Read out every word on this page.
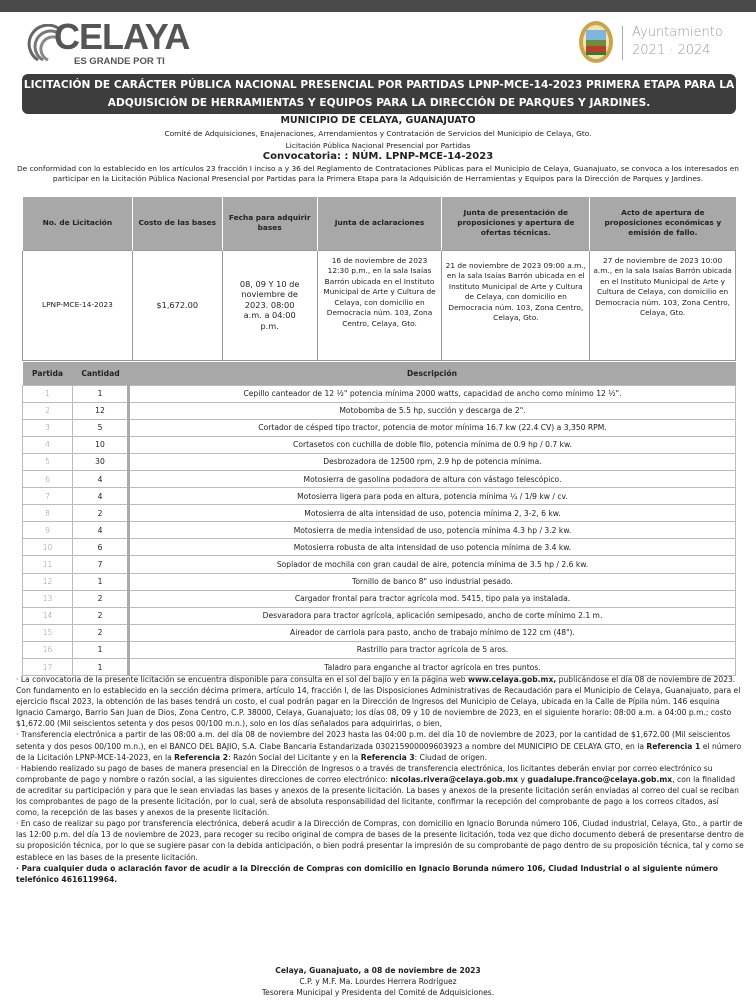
CELAYA
ES GRANDE POR TI
Ayuntamiento
2021 · 2024
LICITACIÓN DE CARÁCTER PÚBLICA NACIONAL PRESENCIAL POR PARTIDAS LPNP-MCE-14-2023 PRIMERA ETAPA PARA LA
ADQUISICIÓN DE HERRAMIENTAS Y EQUIPOS PARA LA DIRECCIÓN DE PARQUES Y JARDINES.
MUNICIPIO DE CELAYA, GUANAJUATO
Comité de Adquisiciones, Enajenaciones, Arrendamientos y Contratación de Servicios del Municipio de Celaya, Gto.
Licitación Pública Nacional Presencial por Partidas
Convocatoria: : NÚM. LPNP-MCE-14-2023
De conformidad con lo establecido en los artículos 23 fracción I inciso a y 36 del Reglamento de Contrataciones Públicas para el Municipio de Celaya, Guanajuato, se convoca a los interesados en participar en la Licitación Pública Nacional Presencial por Partidas para la Primera Etapa para la Adquisición de Herramientas y Equipos para la Dirección de Parques y Jardines.
No. de Licitación	Costo de las bases	Fecha para adquirir bases	Junta de aclaraciones	Junta de presentación de proposiciones y apertura de ofertas técnicas.	Acto de apertura de proposiciones económicas y emisión de fallo.
LPNP-MCE-14-2023	$1,672.00	08, 09 Y 10 de noviembre de 2023. 08:00 a.m. a 04:00 p.m.	16 de noviembre de 2023 12:30 p.m., en la sala Isaías Barrón ubicada en el Instituto Municipal de Arte y Cultura de Celaya, con domicilio en Democracia núm. 103, Zona Centro, Celaya, Gto.	21 de noviembre de 2023 09:00 a.m., en la sala Isaías Barrón ubicada en el Instituto Municipal de Arte y Cultura de Celaya, con domicilio en Democracia núm. 103, Zona Centro, Celaya, Gto.	27 de noviembre de 2023 10:00 a.m., en la sala Isaías Barrón ubicada en el Instituto Municipal de Arte y Cultura de Celaya, con domicilio en Democracia núm. 103, Zona Centro, Celaya, Gto.
Partida	Cantidad	Descripción
1	1	Cepillo canteador de 12 ½" potencia mínima 2000 watts, capacidad de ancho como mínimo 12 ½".
2	12	Motobomba de 5.5 hp, succión y descarga de 2".
3	5	Cortador de césped tipo tractor, potencia de motor mínima 16.7 kw (22.4 CV) a 3,350 RPM.
4	10	Cortasetos con cuchilla de doble filo, potencia mínima de 0.9 hp / 0.7 kw.
5	30	Desbrozadora de 12500 rpm, 2.9 hp de potencia mínima.
6	4	Motosierra de gasolina podadora de altura con vástago telescópico.
7	4	Motosierra ligera para poda en altura, potencia mínima ¼ / 1/9 kw / cv.
8	2	Motosierra de alta intensidad de uso, potencia mínima 2, 3-2, 6 kw.
9	4	Motosierra de media intensidad de uso, potencia mínima 4.3 hp / 3.2 kw.
10	6	Motosierra robusta de alta intensidad de uso potencia mínima de 3.4 kw.
11	7	Soplador de mochila con gran caudal de aire, potencia mínima de 3.5 hp / 2.6 kw.
12	1	Tornillo de banco 8" uso industrial pesado.
13	2	Cargador frontal para tractor agrícola mod. 5415, tipo pala ya instalada.
14	2	Desvaradora para tractor agrícola, aplicación semipesado, ancho de corte mínimo 2.1 m.
15	2	Aireador de carriola para pasto, ancho de trabajo mínimo de 122 cm (48").
16	1	Rastrillo para tractor agrícola de 5 aros.
17	1	Taladro para enganche al tractor agrícola en tres puntos.

· La convocatoria de la presente licitación se encuentra disponible para consulta en el sol del bajío y en la página web www.celaya.gob.mx, publicándose el día 08 de noviembre de 2023. Con fundamento en lo establecido en la sección décima primera, artículo 14, fracción I, de las Disposiciones Administrativas de Recaudación para el Municipio de Celaya, Guanajuato, para el ejercicio fiscal 2023, la obtención de las bases tendrá un costo, el cual podrán pagar en la Dirección de Ingresos del Municipio de Celaya, ubicada en la Calle de Pípila núm. 146 esquina Ignacio Camargo, Barrio San Juan de Dios, Zona Centro, C.P. 38000, Celaya, Guanajuato; los días 08, 09 y 10 de noviembre de 2023, en el siguiente horario: 08:00 a.m. a 04:00 p.m.; costo $1,672.00 (Mil seiscientos setenta y dos pesos 00/100 m.n.), solo en los días señalados para adquirirlas, o bien,

· Transferencia electrónica a partir de las 08:00 a.m. del día 08 de noviembre del 2023 hasta las 04:00 p.m. del día 10 de noviembre de 2023, por la cantidad de $1,672.00 (Mil seiscientos setenta y dos pesos 00/100 m.n.), en el BANCO DEL BAJIO, S.A. Clabe Bancaria Estandarizada 030215900009603923 a nombre del MUNICIPIO DE CELAYA GTO, en la Referencia 1 el número de la Licitación LPNP-MCE-14-2023, en la Referencia 2: Razón Social del Licitante y en la Referencia 3: Ciudad de origen.

· Habiendo realizado su pago de bases de manera presencial en la Dirección de Ingresos o a través de transferencia electrónica, los licitantes deberán enviar por correo electrónico su comprobante de pago y nombre o razón social, a las siguientes direcciones de correo electrónico: nicolas.rivera@celaya.gob.mx y guadalupe.franco@celaya.gob.mx, con la finalidad de acreditar su participación y para que le sean enviadas las bases y anexos de la presente licitación. La bases y anexos de la presente licitación serán enviadas al correo del cual se reciban los comprobantes de pago de la presente licitación, por lo cual, será de absoluta responsabilidad del licitante, confirmar la recepción del comprobante de pago a los correos citados, así como, la recepción de las bases y anexos de la presente licitación.

· En caso de realizar su pago por transferencia electrónica, deberá acudir a la Dirección de Compras, con domicilio en Ignacio Borunda número 106, Ciudad industrial, Celaya, Gto., a partir de las 12:00 p.m. del día 13 de noviembre de 2023, para recoger su recibo original de compra de bases de la presente licitación, toda vez que dicho documento deberá de presentarse dentro de su proposición técnica, por lo que se sugiere pasar con la debida anticipación, o bien podrá presentar la impresión de su comprobante de pago dentro de su proposición técnica, tal y como se establece en las bases de la presente licitación.

· Para cualquier duda o aclaración favor de acudir a la Dirección de Compras con domicilio en Ignacio Borunda número 106, Ciudad Industrial o al siguiente número telefónico 4616119964.

Celaya, Guanajuato, a 08 de noviembre de 2023
C.P. y M.F. Ma. Lourdes Herrera Rodríguez
Tesorera Municipal y Presidenta del Comité de Adquisiciones.
